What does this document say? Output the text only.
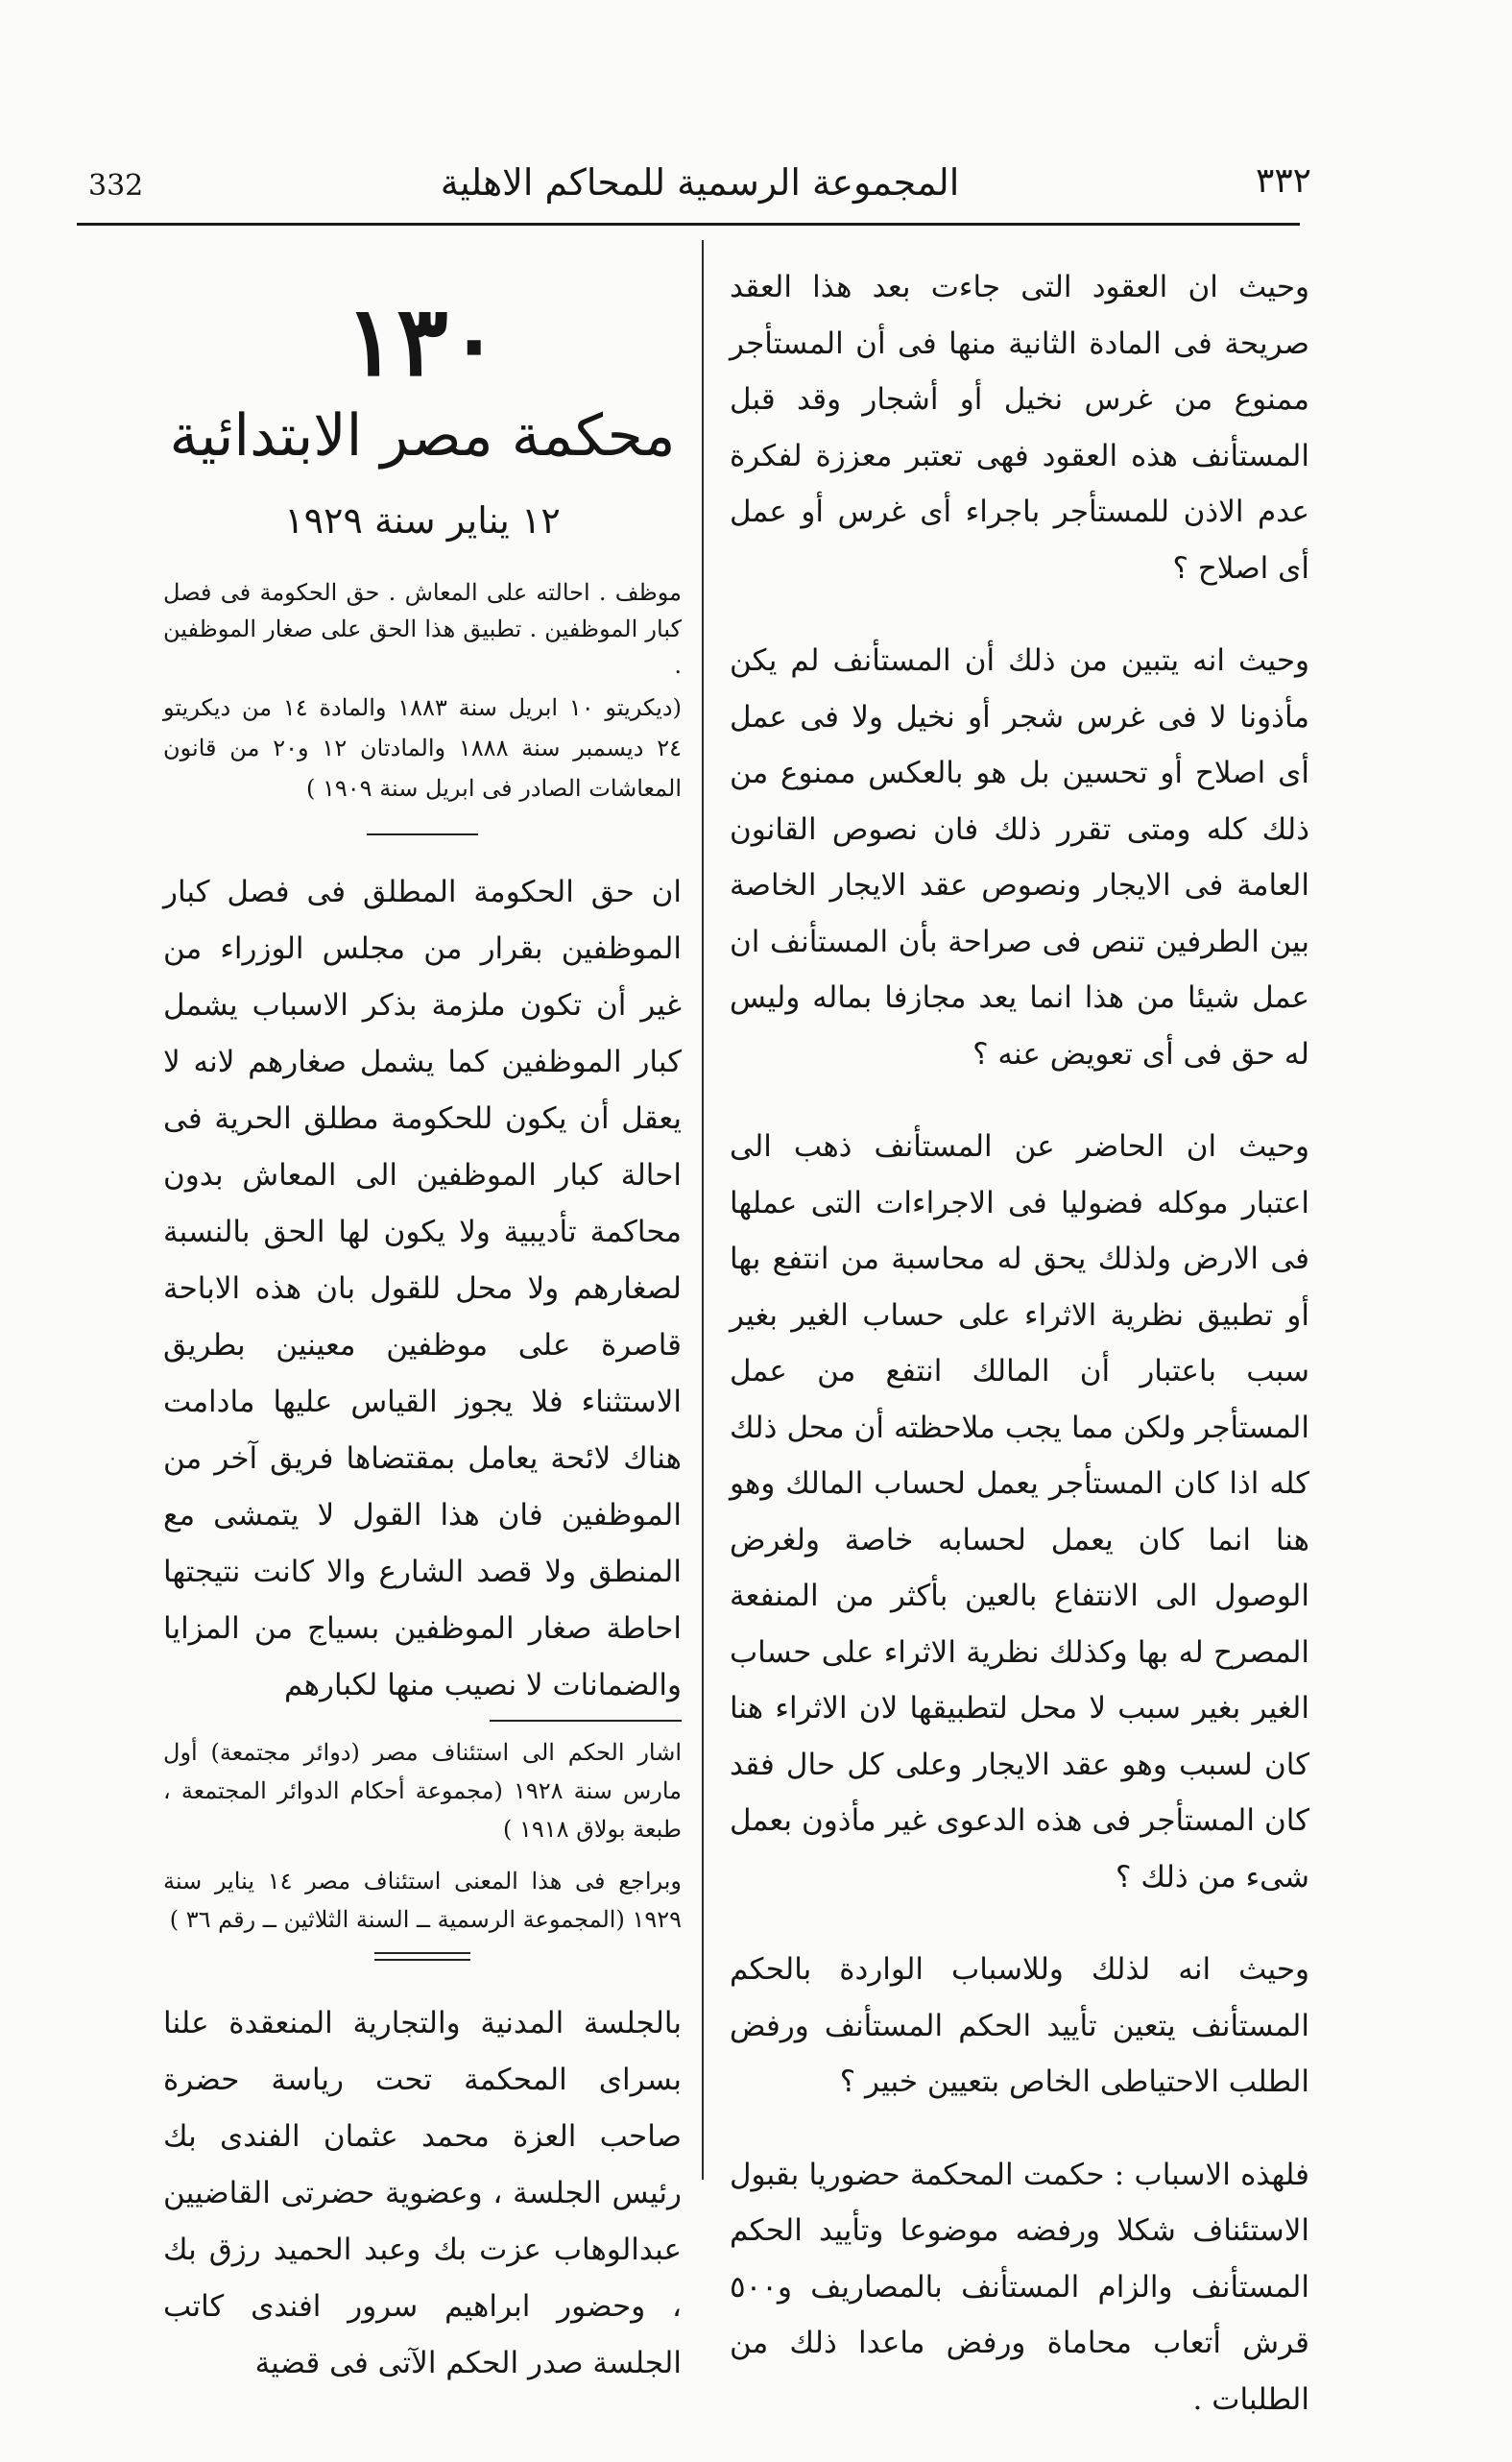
332	المجموعة الرسمية للمحاكم الاهلية	٣٣٢

وحيث ان العقود التى جاءت بعد هذا العقد صريحة فى المادة الثانية منها فى أن المستأجر ممنوع من غرس نخيل أو أشجار وقد قبل المستأنف هذه العقود فهى تعتبر معززة لفكرة عدم الاذن للمستأجر باجراء أى غرس أو عمل أى اصلاح ؟

وحيث انه يتبين من ذلك أن المستأنف لم يكن مأذونا لا فى غرس شجر أو نخيل ولا فى عمل أى اصلاح أو تحسين بل هو بالعكس ممنوع من ذلك كله ومتى تقرر ذلك فان نصوص القانون العامة فى الايجار ونصوص عقد الايجار الخاصة بين الطرفين تنص فى صراحة بأن المستأنف ان عمل شيئا من هذا انما يعد مجازفا بماله وليس له حق فى أى تعويض عنه ؟

وحيث ان الحاضر عن المستأنف ذهب الى اعتبار موكله فضوليا فى الاجراءات التى عملها فى الارض ولذلك يحق له محاسبة من انتفع بها أو تطبيق نظرية الاثراء على حساب الغير بغير سبب باعتبار أن المالك انتفع من عمل المستأجر ولكن مما يجب ملاحظته أن محل ذلك كله اذا كان المستأجر يعمل لحساب المالك وهو هنا انما كان يعمل لحسابه خاصة ولغرض الوصول الى الانتفاع بالعين بأكثر من المنفعة المصرح له بها وكذلك نظرية الاثراء على حساب الغير بغير سبب لا محل لتطبيقها لان الاثراء هنا كان لسبب وهو عقد الايجار وعلى كل حال فقد كان المستأجر فى هذه الدعوى غير مأذون بعمل شىء من ذلك ؟

وحيث انه لذلك وللاسباب الواردة بالحكم المستأنف يتعين تأييد الحكم المستأنف ورفض الطلب الاحتياطى الخاص بتعيين خبير ؟

فلهذه الاسباب : حكمت المحكمة حضوريا بقبول الاستئناف شكلا ورفضه موضوعا وتأييد الحكم المستأنف والزام المستأنف بالمصاريف و٥٠٠ قرش أتعاب محاماة ورفض ماعدا ذلك من الطلبات .

١٣٠
محكمة مصر الابتدائية
١٢ يناير سنة ١٩٢٩

موظف . احالته على المعاش . حق الحكومة فى فصل كبار الموظفين . تطبيق هذا الحق على صغار الموظفين .

(ديكريتو ١٠ ابريل سنة ١٨٨٣ والمادة ١٤ من ديكريتو ٢٤ ديسمبر سنة ١٨٨٨ والمادتان ١٢ و٢٠ من قانون المعاشات الصادر فى ابريل سنة ١٩٠٩ )

ان حق الحكومة المطلق فى فصل كبار الموظفين بقرار من مجلس الوزراء من غير أن تكون ملزمة بذكر الاسباب يشمل كبار الموظفين كما يشمل صغارهم لانه لا يعقل أن يكون للحكومة مطلق الحرية فى احالة كبار الموظفين الى المعاش بدون محاكمة تأديبية ولا يكون لها الحق بالنسبة لصغارهم ولا محل للقول بان هذه الاباحة قاصرة على موظفين معينين بطريق الاستثناء فلا يجوز القياس عليها مادامت هناك لائحة يعامل بمقتضاها فريق آخر من الموظفين فان هذا القول لا يتمشى مع المنطق ولا قصد الشارع والا كانت نتيجتها احاطة صغار الموظفين بسياج من المزايا والضمانات لا نصيب منها لكبارهم

اشار الحكم الى استئناف مصر (دوائر مجتمعة) أول مارس سنة ١٩٢٨ (مجموعة أحكام الدوائر المجتمعة ، طبعة بولاق ١٩١٨ )

وبراجع فى هذا المعنى استئناف مصر ١٤ يناير سنة ١٩٢٩ (المجموعة الرسمية ــ السنة الثلاثين ــ رقم ٣٦ )

بالجلسة المدنية والتجارية المنعقدة علنا بسراى المحكمة تحت رياسة حضرة صاحب العزة محمد عثمان الفندى بك رئيس الجلسة ، وعضوية حضرتى القاضيين عبدالوهاب عزت بك وعبد الحميد رزق بك ، وحضور ابراهيم سرور افندى كاتب الجلسة صدر الحكم الآتى فى قضية
